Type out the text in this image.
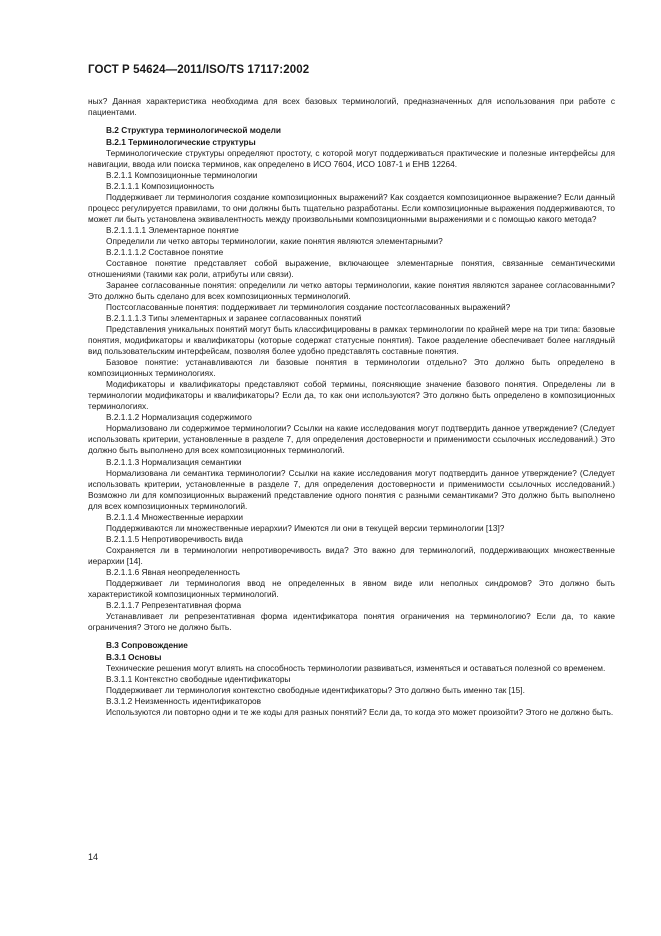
ГОСТ Р 54624—2011/ISO/TS 17117:2002
ных? Данная характеристика необходима для всех базовых терминологий, предназначенных для использования при работе с пациентами.
В.2 Структура терминологической модели
В.2.1 Терминологические структуры
Терминологические структуры определяют простоту, с которой могут поддерживаться практические и полезные интерфейсы для навигации, ввода или поиска терминов, как определено в ИСО 7604, ИСО 1087-1 и ЕНВ 12264.
В.2.1.1 Композиционные терминологии
В.2.1.1.1 Композиционность
Поддерживает ли терминология создание композиционных выражений? Как создается композиционное выражение? Если данный процесс регулируется правилами, то они должны быть тщательно разработаны. Если композиционные выражения поддерживаются, то может ли быть установлена эквивалентность между произвольными композиционными выражениями и с помощью какого метода?
В.2.1.1.1.1 Элементарное понятие
Определили ли четко авторы терминологии, какие понятия являются элементарными?
В.2.1.1.1.2 Составное понятие
Составное понятие представляет собой выражение, включающее элементарные понятия, связанные семантическими отношениями (такими как роли, атрибуты или связи).
Заранее согласованные понятия: определили ли четко авторы терминологии, какие понятия являются заранее согласованными? Это должно быть сделано для всех композиционных терминологий.
Постсогласованные понятия: поддерживает ли терминология создание постсогласованных выражений?
В.2.1.1.1.3 Типы элементарных и заранее согласованных понятий
Представления уникальных понятий могут быть классифицированы в рамках терминологии по крайней мере на три типа: базовые понятия, модификаторы и квалификаторы (которые содержат статусные понятия). Такое разделение обеспечивает более наглядный вид пользовательским интерфейсам, позволяя более удобно представлять составные понятия.
Базовое понятие: устанавливаются ли базовые понятия в терминологии отдельно? Это должно быть определено в композиционных терминологиях.
Модификаторы и квалификаторы представляют собой термины, поясняющие значение базового понятия. Определены ли в терминологии модификаторы и квалификаторы? Если да, то как они используются? Это должно быть определено в композиционных терминологиях.
В.2.1.1.2 Нормализация содержимого
Нормализовано ли содержимое терминологии? Ссылки на какие исследования могут подтвердить данное утверждение? (Следует использовать критерии, установленные в разделе 7, для определения достоверности и применимости ссылочных исследований.) Это должно быть выполнено для всех композиционных терминологий.
В.2.1.1.3 Нормализация семантики
Нормализована ли семантика терминологии? Ссылки на какие исследования могут подтвердить данное утверждение? (Следует использовать критерии, установленные в разделе 7, для определения достоверности и применимости ссылочных исследований.) Возможно ли для композиционных выражений представление одного понятия с разными семантиками? Это должно быть выполнено для всех композиционных терминологий.
В.2.1.1.4 Множественные иерархии
Поддерживаются ли множественные иерархии? Имеются ли они в текущей версии терминологии [13]?
В.2.1.1.5 Непротиворечивость вида
Сохраняется ли в терминологии непротиворечивость вида? Это важно для терминологий, поддерживающих множественные иерархии [14].
В.2.1.1.6 Явная неопределенность
Поддерживает ли терминология ввод не определенных в явном виде или неполных синдромов? Это должно быть характеристикой композиционных терминологий.
В.2.1.1.7 Репрезентативная форма
Устанавливает ли репрезентативная форма идентификатора понятия ограничения на терминологию? Если да, то какие ограничения? Этого не должно быть.
В.3 Сопровождение
В.3.1 Основы
Технические решения могут влиять на способность терминологии развиваться, изменяться и оставаться полезной со временем.
В.3.1.1 Контекстно свободные идентификаторы
Поддерживает ли терминология контекстно свободные идентификаторы? Это должно быть именно так [15].
В.3.1.2 Неизменность идентификаторов
Используются ли повторно одни и те же коды для разных понятий? Если да, то когда это может произойти? Этого не должно быть.
14
